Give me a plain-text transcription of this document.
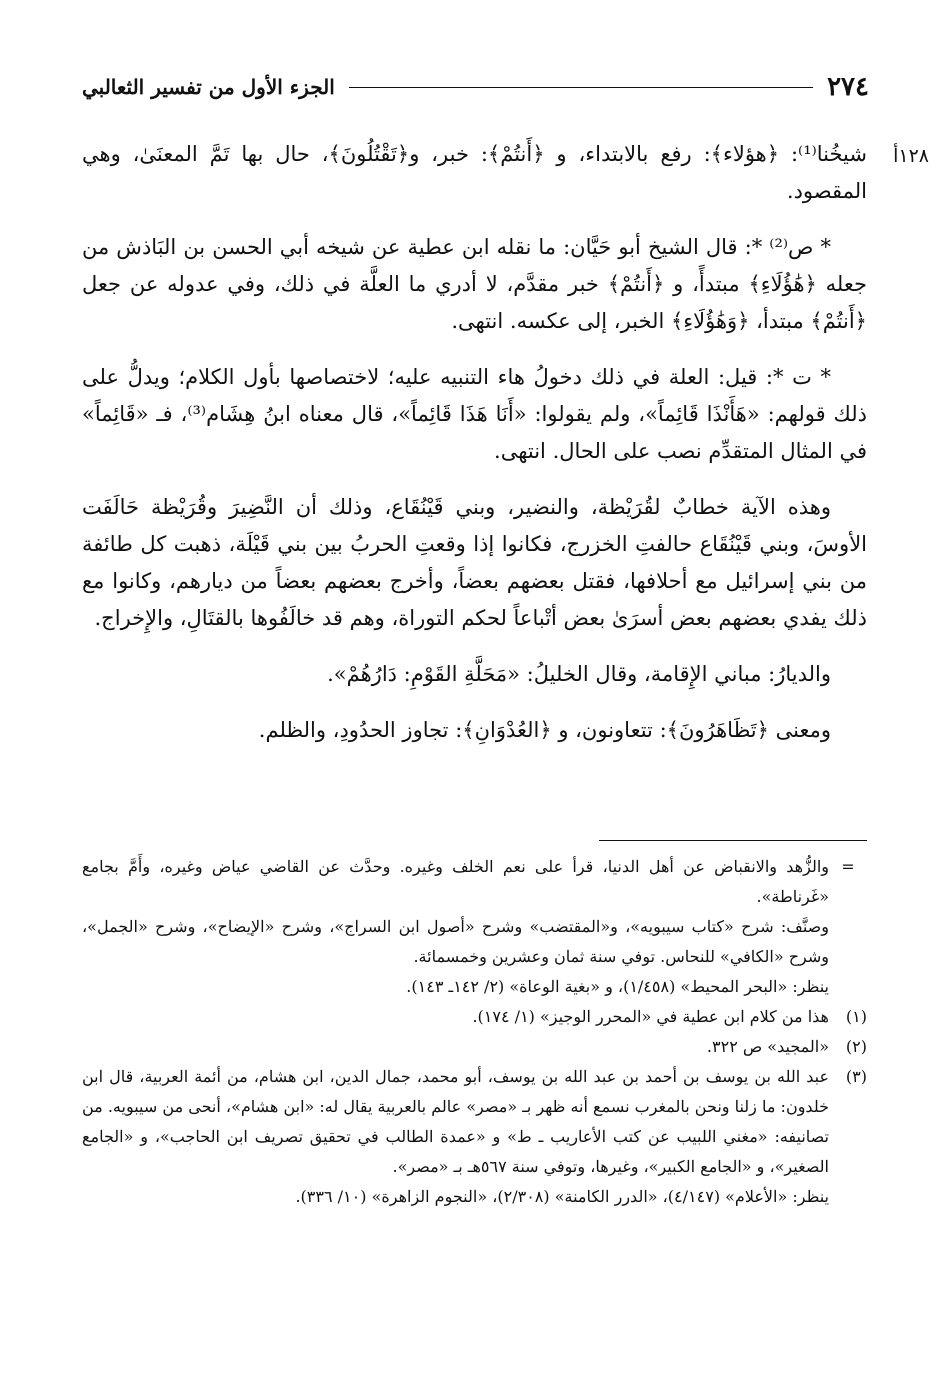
٢٧٤
الجزء الأول من تفسير الثعالبي
١٢٨أ

شيخُنا⁽¹⁾: ﴿هؤلاء﴾: رفع بالابتداء، و ﴿أَنتُمْ﴾: خبر، و﴿تَقْتُلُونَ﴾، حال بها تَمَّ المعنَىٰ، وهي المقصود.

* ص⁽²⁾ *: قال الشيخ أبو حَيَّان: ما نقله ابن عطية عن شيخه أبي الحسن بن البَاذش من جعله ﴿هَٰؤُلَاءِ﴾ مبتدأً، و ﴿أَنتُمْ﴾ خبر مقدَّم، لا أدري ما العلَّة في ذلك، وفي عدوله عن جعل ﴿أَنتُمْ﴾ مبتدأ، ﴿وَهَٰؤُلَاءِ﴾ الخبر، إلى عكسه. انتهى.

* ت *: قيل: العلة في ذلك دخولُ هاء التنبيه عليه؛ لاختصاصها بأول الكلام؛ ويدلُّ على ذلك قولهم: «هَأَنْذَا قَائِماً»، ولم يقولوا: «أَنَا هَذَا قَائِماً»، قال معناه ابنُ هِشَام⁽³⁾، فـ «قَائِماً» في المثال المتقدِّم نصب على الحال. انتهى.

وهذه الآية خطابٌ لقُرَيْظة، والنضير، وبني قَيْنُقَاع، وذلك أن النَّضِيرَ وقُرَيْظة حَالَفَت الأوسَ، وبني قَيْنُقَاع حالفتِ الخزرج، فكانوا إذا وقعتِ الحربُ بين بني قَيْلَة، ذهبت كل طائفة من بني إسرائيل مع أحلافها، فقتل بعضهم بعضاً، وأخرج بعضهم بعضاً من ديارهم، وكانوا مع ذلك يفدي بعضهم بعض أسرَىٰ بعض أتْباعاً لحكم التوراة، وهم قد خالَفُوها بالقتَالِ، والإِخراج.

والديارُ: مباني الإِقامة، وقال الخليلُ: «مَحَلَّةِ القَوْمِ: دَارُهُمْ».

ومعنى ﴿تَظَاهَرُونَ﴾: تتعاونون، و ﴿العُدْوَانِ﴾: تجاوز الحدُودِ، والظلم.

=

والزُّهد والانقباض عن أهل الدنيا، قرأ على نعم الخلف وغيره. وحدَّث عن القاضي عياض وغيره، وأَمَّ بجامع «غَرناطة».

وصنَّف: شرح «كتاب سيبويه»، و«المقتضب» وشرح «أصول ابن السراج»، وشرح «الإيضاح»، وشرح «الجمل»، وشرح «الكافي» للنحاس. توفي سنة ثمان وعشرين وخمسمائة.

ينظر: «البحر المحيط» (١/٤٥٨)، و «بغية الوعاة» (٢/ ١٤٢ـ ١٤٣).

(١)

هذا من كلام ابن عطية في «المحرر الوجيز» (١/ ١٧٤).

(٢)

«المجيد» ص ٣٢٢.

(٣)

عبد الله بن يوسف بن أحمد بن عبد الله بن يوسف، أبو محمد، جمال الدين، ابن هشام، من أئمة العربية، قال ابن خلدون: ما زلنا ونحن بالمغرب نسمع أنه ظهر بـ «مصر» عالم بالعربية يقال له: «ابن هشام»، أنحى من سيبويه. من تصانيفه: «مغني اللبيب عن كتب الأعاريب ـ ط» و «عمدة الطالب في تحقيق تصريف ابن الحاجب»، و «الجامع الصغير»، و «الجامع الكبير»، وغيرها، وتوفي سنة ٥٦٧هـ بـ «مصر».

ينظر: «الأعلام» (٤/١٤٧)، «الدرر الكامنة» (٢/٣٠٨)، «النجوم الزاهرة» (١٠/ ٣٣٦).
